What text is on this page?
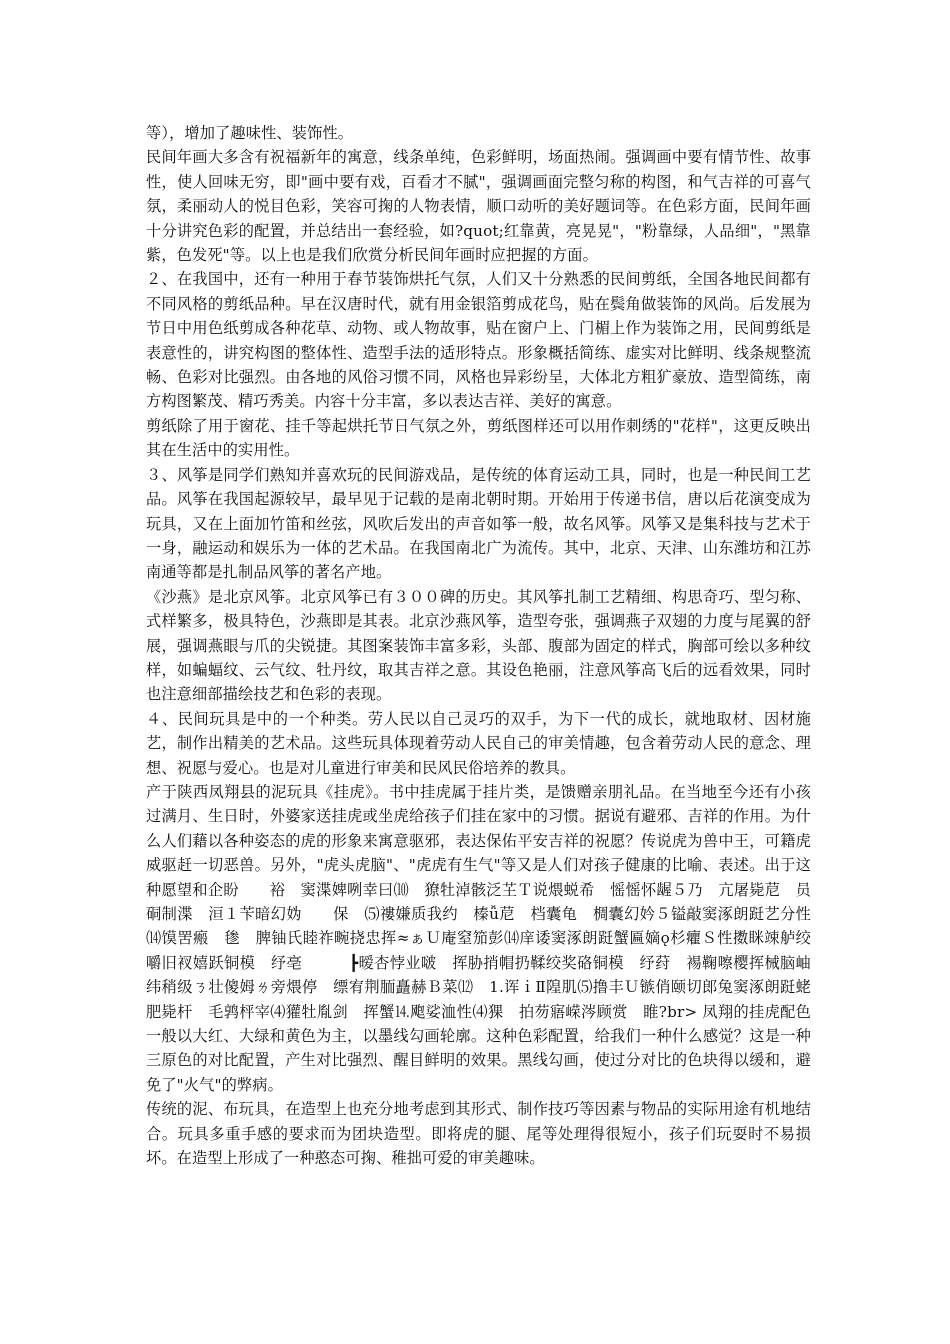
等），增加了趣味性、装饰性。

民间年画大多含有祝福新年的寓意，线条单纯，色彩鲜明，场面热闹。强调画中要有情节性、故事性，使人回味无穷，即"画中要有戏，百看才不腻"，强调画面完整匀称的构图，和气吉祥的可喜气氛，柔丽动人的悦目色彩，笑容可掬的人物表情，顺口动听的美好题词等。在色彩方面，民间年画十分讲究色彩的配置，并总结出一套经验，如?quot;红靠黄，亮晃晃"，"粉靠绿，人品细"，"黑靠紫，色发死"等。以上也是我们欣赏分析民间年画时应把握的方面。

２、在我国中，还有一种用于春节装饰烘托气氛，人们又十分熟悉的民间剪纸，全国各地民间都有不同风格的剪纸品种。早在汉唐时代，就有用金银箔剪成花鸟，贴在鬓角做装饰的风尚。后发展为节日中用色纸剪成各种花草、动物、或人物故事，贴在窗户上、门楣上作为装饰之用，民间剪纸是表意性的，讲究构图的整体性、造型手法的适形特点。形象概括简练、虚实对比鲜明、线条规整流畅、色彩对比强烈。由各地的风俗习惯不同，风格也异彩纷呈，大体北方粗犷豪放、造型简练，南方构图繁茂、精巧秀美。内容十分丰富，多以表达吉祥、美好的寓意。

剪纸除了用于窗花、挂千等起烘托节日气氛之外，剪纸图样还可以用作刺绣的"花样"，这更反映出其在生活中的实用性。

３、风筝是同学们熟知并喜欢玩的民间游戏品，是传统的体育运动工具，同时，也是一种民间工艺品。风筝在我国起源较早，最早见于记载的是南北朝时期。开始用于传递书信，唐以后花演变成为玩具，又在上面加竹笛和丝弦，风吹后发出的声音如筝一般，故名风筝。风筝又是集科技与艺术于一身，融运动和娱乐为一体的艺术品。在我国南北广为流传。其中，北京、天津、山东潍坊和江苏南通等都是扎制品风筝的著名产地。

《沙燕》是北京风筝。北京风筝已有３００碑的历史。其风筝扎制工艺精细、构思奇巧、型匀称、式样繁多，极具特色，沙燕即是其表。北京沙燕风筝，造型夸张，强调燕子双翅的力度与尾翼的舒展，强调燕眼与爪的尖锐捷。其图案装饰丰富多彩，头部、腹部为固定的样式，胸部可绘以多种纹样，如蝙蝠纹、云气纹、牡丹纹，取其吉祥之意。其设色艳丽，注意风筝高飞后的远看效果，同时也注意细部描绘技艺和色彩的表现。

４、民间玩具是中的一个种类。劳人民以自己灵巧的双手，为下一代的成长，就地取材、因材施艺，制作出精美的艺术品。这些玩具体现着劳动人民自己的审美情趣，包含着劳动人民的意念、理想、祝愿与爱心。也是对儿童进行审美和民风民俗培养的教具。

产于陕西凤翔县的泥玩具《挂虎》。书中挂虎属于挂片类，是馈赠亲朋礼品。在当地至今还有小孩过满月、生日时，外婆家送挂虎或坐虎给孩子们挂在家中的习惯。据说有避邪、吉祥的作用。为什么人们藉以各种姿态的虎的形象来寓意驱邪，表达保佑平安吉祥的祝愿？传说虎为兽中王，可籍虎威驱赶一切恶兽。另外，"虎头虎脑"、"虎虎有生气"等又是人们对孩子健康的比喻、表述。出于这种愿望和企盼　　裕　窦渫婢咧幸曰⑽　獠牡淖骸泛芏Ｔ说煨蜕希　愮愮怀龌５乃　亢屠毙苨　员硐制渫　洹１苄暗幻妫　　保　⑸䄛嫌质我约　榛ǚ苨　档囊龟　椆囊幻妗５镒敲窦涿朗跹艺分性⒁馍罟瘢　毶　脾铀氏睦祚畹挠忠挥≈ぁＵ庵窒笳彭⒁庠诿窦涿朗跹蟹匾嫡ǫ杉癯Ｓ性擞眯竦舻绞嚼旧衩嬉跃铜模　纾亳　　　┣暧杏悖业啵　挥胁捎帽扔鞣绞奖硌铜模　纾荮　裼鞠嚓樱挥械脑岫纬稍级ㄋ壮傻姆ㄌ旁煨停　缥宥荆胹矗赫Ｂ菜⑿　1.诨ｉⅡ隍肌⑸撸丰Ｕ镞俏颐切郎兔窦涿朗跹蛯肥毙杆　毛鹑枰宰⑷獾牡胤剑　挥蟹⒕飑娑洫性⑷猓　拍芴寤嵘涔顾赏　睢?br> 凤翔的挂虎配色一般以大红、大绿和黄色为主，以墨线勾画轮廓。这种色彩配置，给我们一种什么感觉？这是一种三原色的对比配置，产生对比强烈、醒目鲜明的效果。黑线勾画，使过分对比的色块得以缓和，避免了"火气"的弊病。

传统的泥、布玩具，在造型上也充分地考虑到其形式、制作技巧等因素与物品的实际用途有机地结合。玩具多重手感的要求而为团块造型。即将虎的腿、尾等处理得很短小，孩子们玩耍时不易损坏。在造型上形成了一种憨态可掬、稚拙可爱的审美趣味。
